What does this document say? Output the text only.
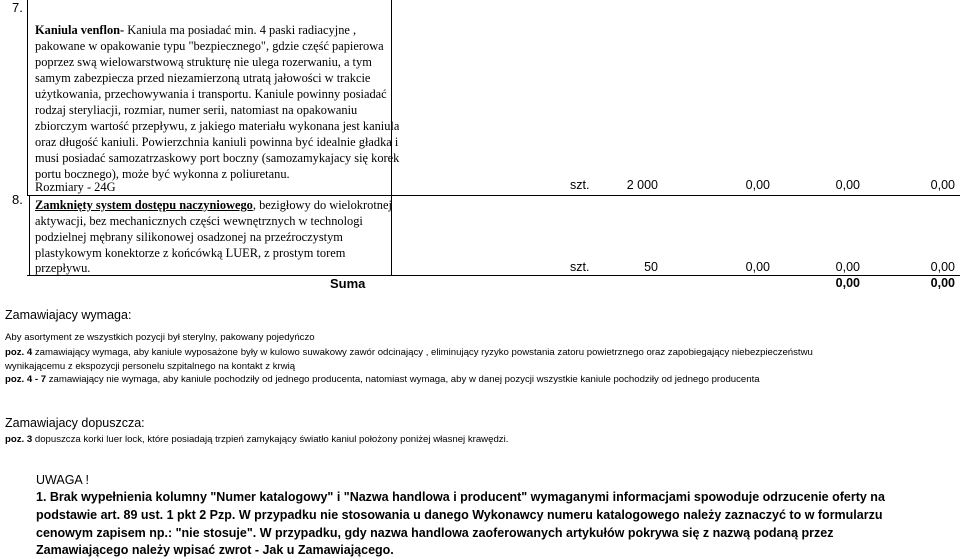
7.
Kaniula venflon- Kaniula ma posiadać min. 4 paski radiacyjne ,
pakowane w opakowanie typu "bezpiecznego", gdzie część papierowa
poprzez swą wielowarstwową strukturę nie ulega rozerwaniu, a tym
samym zabezpiecza przed niezamierzoną utratą jałowości w trakcie
użytkowania, przechowywania i transportu. Kaniule powinny posiadać
rodzaj steryliacji, rozmiar, numer serii, natomiast na opakowaniu
zbiorczym wartość przepływu, z jakiego materiału wykonana jest kaniula
oraz długość kaniuli. Powierzchnia kaniuli powinna być idealnie gładka i
musi posiadać samozatrzaskowy port boczny (samozamykajacy się korek
portu bocznego), może być wykonna z poliuretanu.
Rozmiary - 24G	szt.	2 000	0,00	0,00	0,00
8. Zamknięty system dostępu naczyniowego, bezigłowy do wielokrotnej
aktywacji, bez mechanicznych części wewnętrznych w technologi
podzielnej mębrany silikonowej osadzonej na przeźroczystym
plastykowym konektorze z końcówką LUER, z prostym torem
przepływu.	szt.	50	0,00	0,00	0,00
Suma	0,00	0,00
Zamawiajacy wymaga:
Aby asortyment ze wszystkich pozycji był sterylny, pakowany pojedyńczo
poz. 4 zamawiający wymaga, aby kaniule wyposażone były w kulowo suwakowy zawór odcinający , eliminujący ryzyko powstania zatoru powietrznego oraz zapobiegający niebezpieczeństwu
wynikającemu z ekspozycji personelu szpitalnego na kontakt z krwią
poz. 4 - 7 zamawiający nie wymaga, aby kaniule pochodziły od jednego producenta, natomiast wymaga, aby w danej pozycji wszystkie kaniule pochodziły od jednego producenta
Zamawiajacy dopuszcza:
poz. 3 dopuszcza korki luer lock, które posiadają trzpień zamykający światło kaniul położony poniżej własnej krawędzi.
UWAGA !
1. Brak wypełnienia kolumny "Numer katalogowy" i "Nazwa handlowa i producent" wymaganymi informacjami spowoduje odrzucenie oferty na
podstawie art. 89 ust. 1 pkt 2 Pzp. W przypadku nie stosowania u danego Wykonawcy numeru katalogowego należy zaznaczyć to w formularzu
cenowym zapisem np.: "nie stosuje". W przypadku, gdy nazwa handlowa zaoferowanych artykułów pokrywa się z nazwą podaną przez
Zamawiającego należy wpisać zwrot - Jak u Zamawiającego.
